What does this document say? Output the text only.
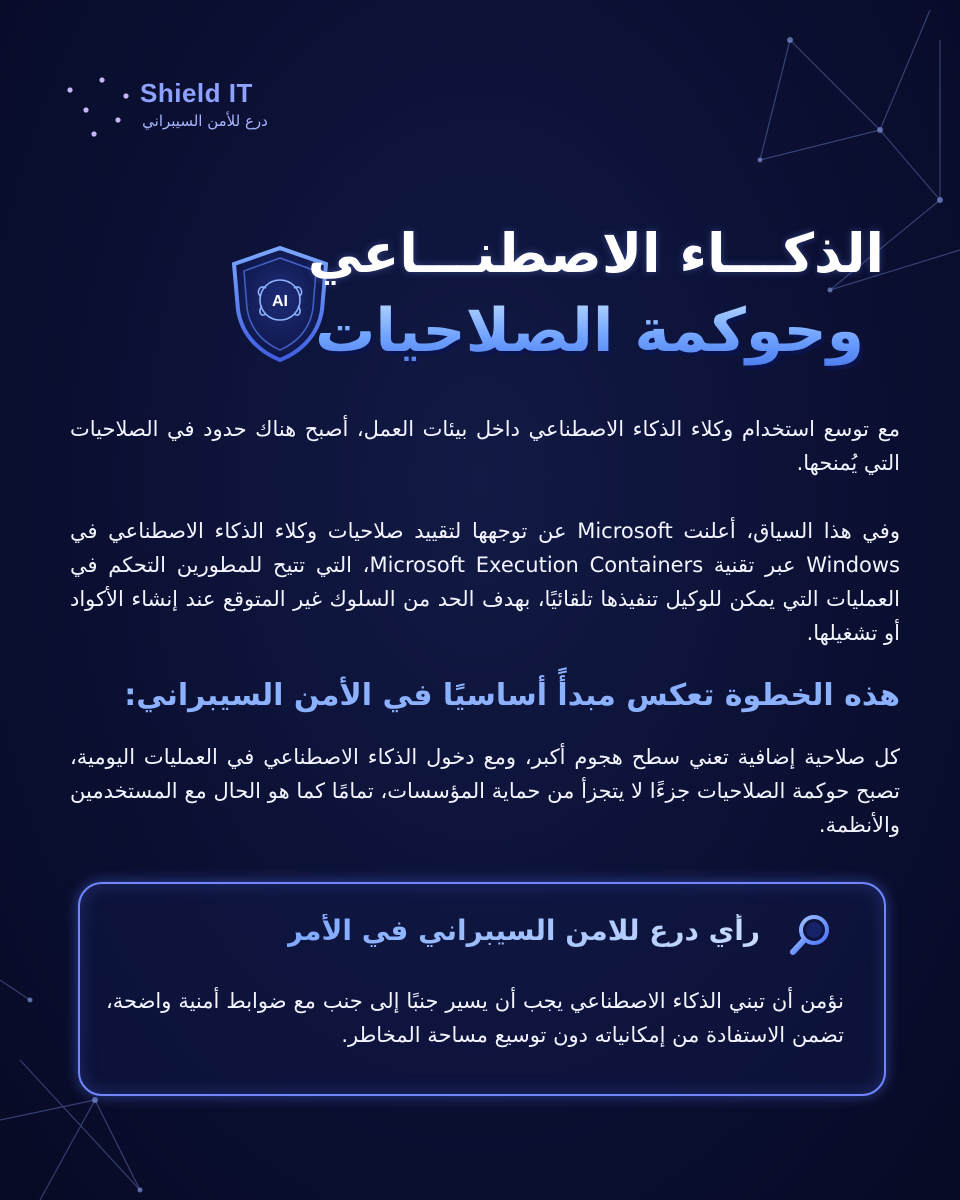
Shield IT
درع للأمن السيبراني
AI
الذكـــاء الاصطنـــاعي
وحوكمة الصلاحيات
مع توسع استخدام وكلاء الذكاء الاصطناعي داخل بيئات العمل، أصبح هناك حدود في الصلاحيات التي يُمنحها.
وفي هذا السياق، أعلنت Microsoft عن توجهها لتقييد صلاحيات وكلاء الذكاء الاصطناعي في Windows عبر تقنية Microsoft Execution Containers، التي تتيح للمطورين التحكم في العمليات التي يمكن للوكيل تنفيذها تلقائيًا، بهدف الحد من السلوك غير المتوقع عند إنشاء الأكواد أو تشغيلها.
هذه الخطوة تعكس مبدأً أساسيًا في الأمن السيبراني:
كل صلاحية إضافية تعني سطح هجوم أكبر، ومع دخول الذكاء الاصطناعي في العمليات اليومية، تصبح حوكمة الصلاحيات جزءًا لا يتجزأ من حماية المؤسسات، تمامًا كما هو الحال مع المستخدمين والأنظمة.
رأي درع للامن السيبراني في الأمر
نؤمن أن تبني الذكاء الاصطناعي يجب أن يسير جنبًا إلى جنب مع ضوابط أمنية واضحة، تضمن الاستفادة من إمكانياته دون توسيع مساحة المخاطر.
